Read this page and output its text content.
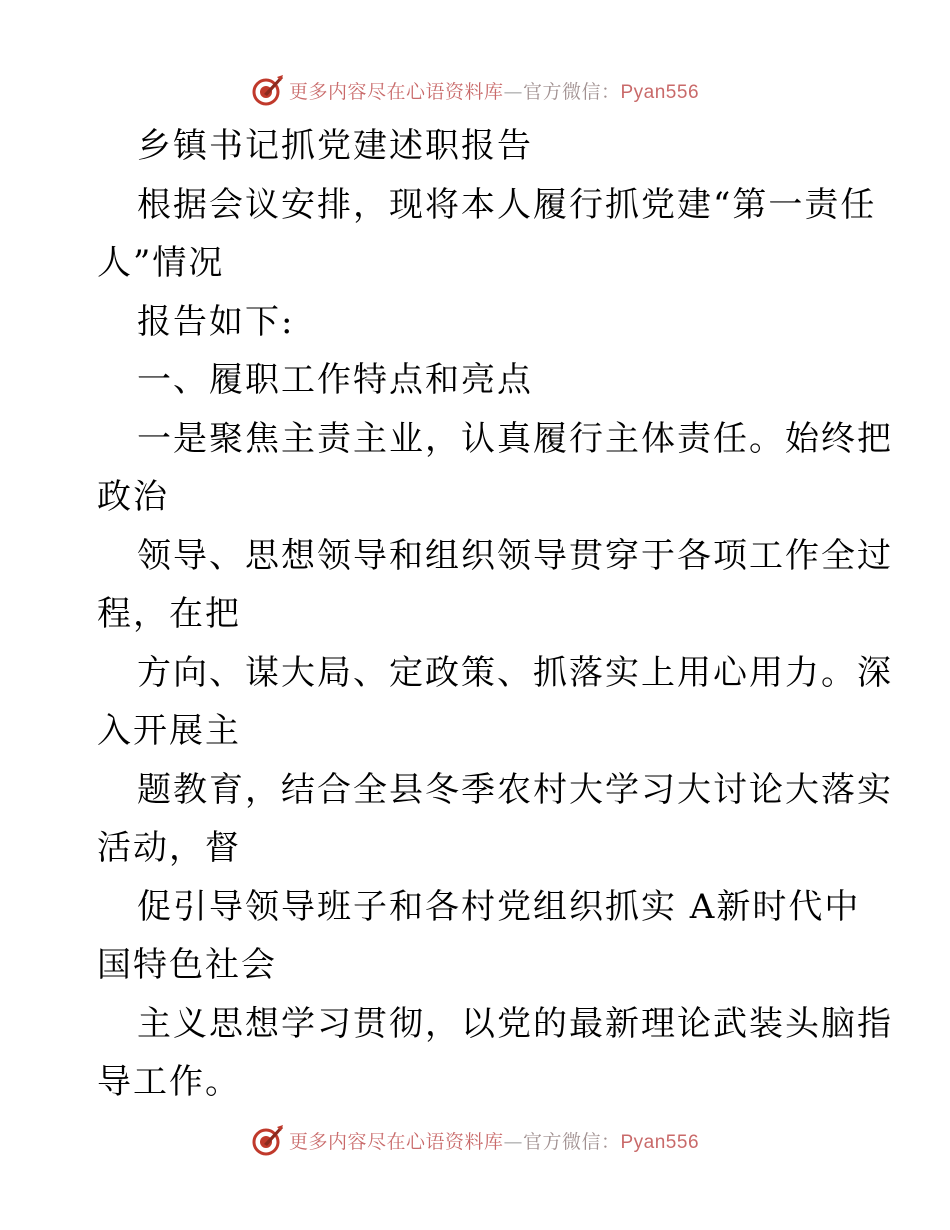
更多内容尽在心语资料库—官方微信：Pyan556
乡镇书记抓党建述职报告
根据会议安排，现将本人履行抓党建“第一责任
人”情况
报告如下:
一、履职工作特点和亮点
一是聚焦主责主业，认真履行主体责任。始终把
政治
领导、思想领导和组织领导贯穿于各项工作全过
程，在把
方向、谋大局、定政策、抓落实上用心用力。深
入开展主
题教育，结合全县冬季农村大学习大讨论大落实
活动，督
促引导领导班子和各村党组织抓实 A新时代中
国特色社会
主义思想学习贯彻，以党的最新理论武装头脑指
导工作。
更多内容尽在心语资料库—官方微信：Pyan556
